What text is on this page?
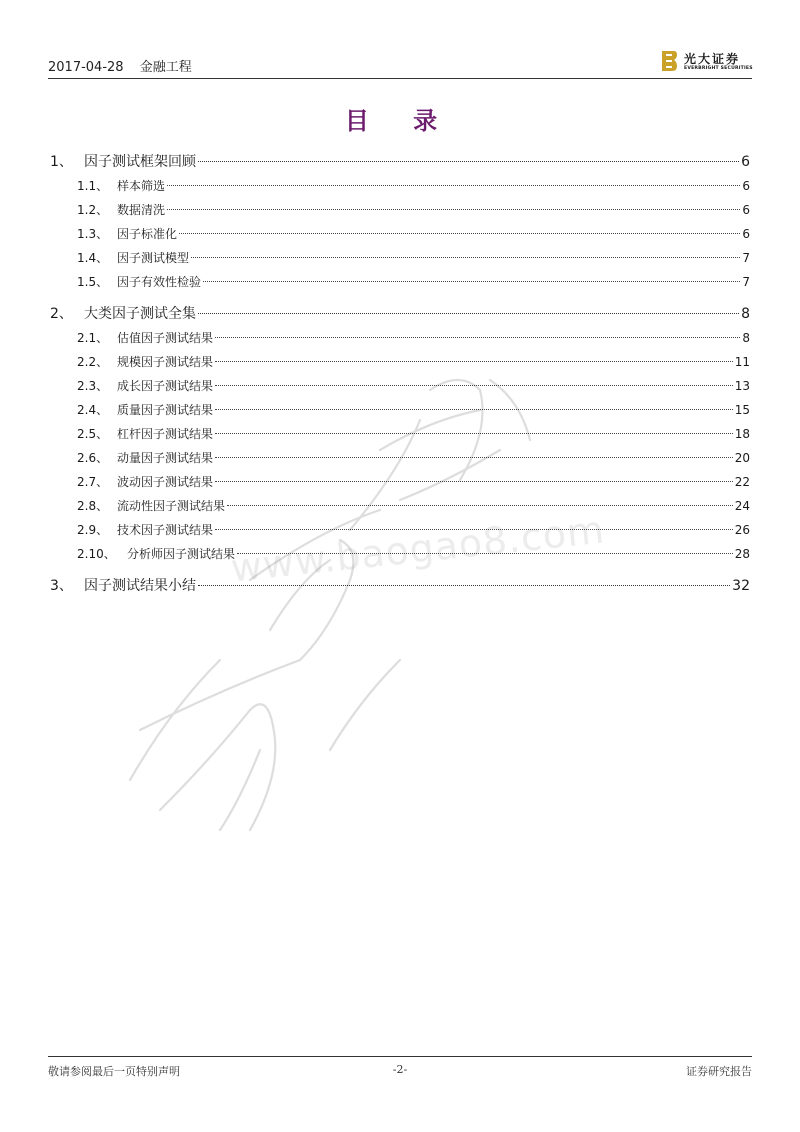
2017-04-28 金融工程
光大证券
EVERBRIGHT SECURITIES
目 录
www.baogao8.com
1、 因子测试框架回顾	6
1.1、 样本筛选	6
1.2、 数据清洗	6
1.3、 因子标准化	6
1.4、 因子测试模型	7
1.5、 因子有效性检验	7
2、 大类因子测试全集	8
2.1、 估值因子测试结果	8
2.2、 规模因子测试结果	11
2.3、 成长因子测试结果	13
2.4、 质量因子测试结果	15
2.5、 杠杆因子测试结果	18
2.6、 动量因子测试结果	20
2.7、 波动因子测试结果	22
2.8、 流动性因子测试结果	24
2.9、 技术因子测试结果	26
2.10、 分析师因子测试结果	28
3、 因子测试结果小结	32
敬请参阅最后一页特别声明	-2-	证券研究报告
